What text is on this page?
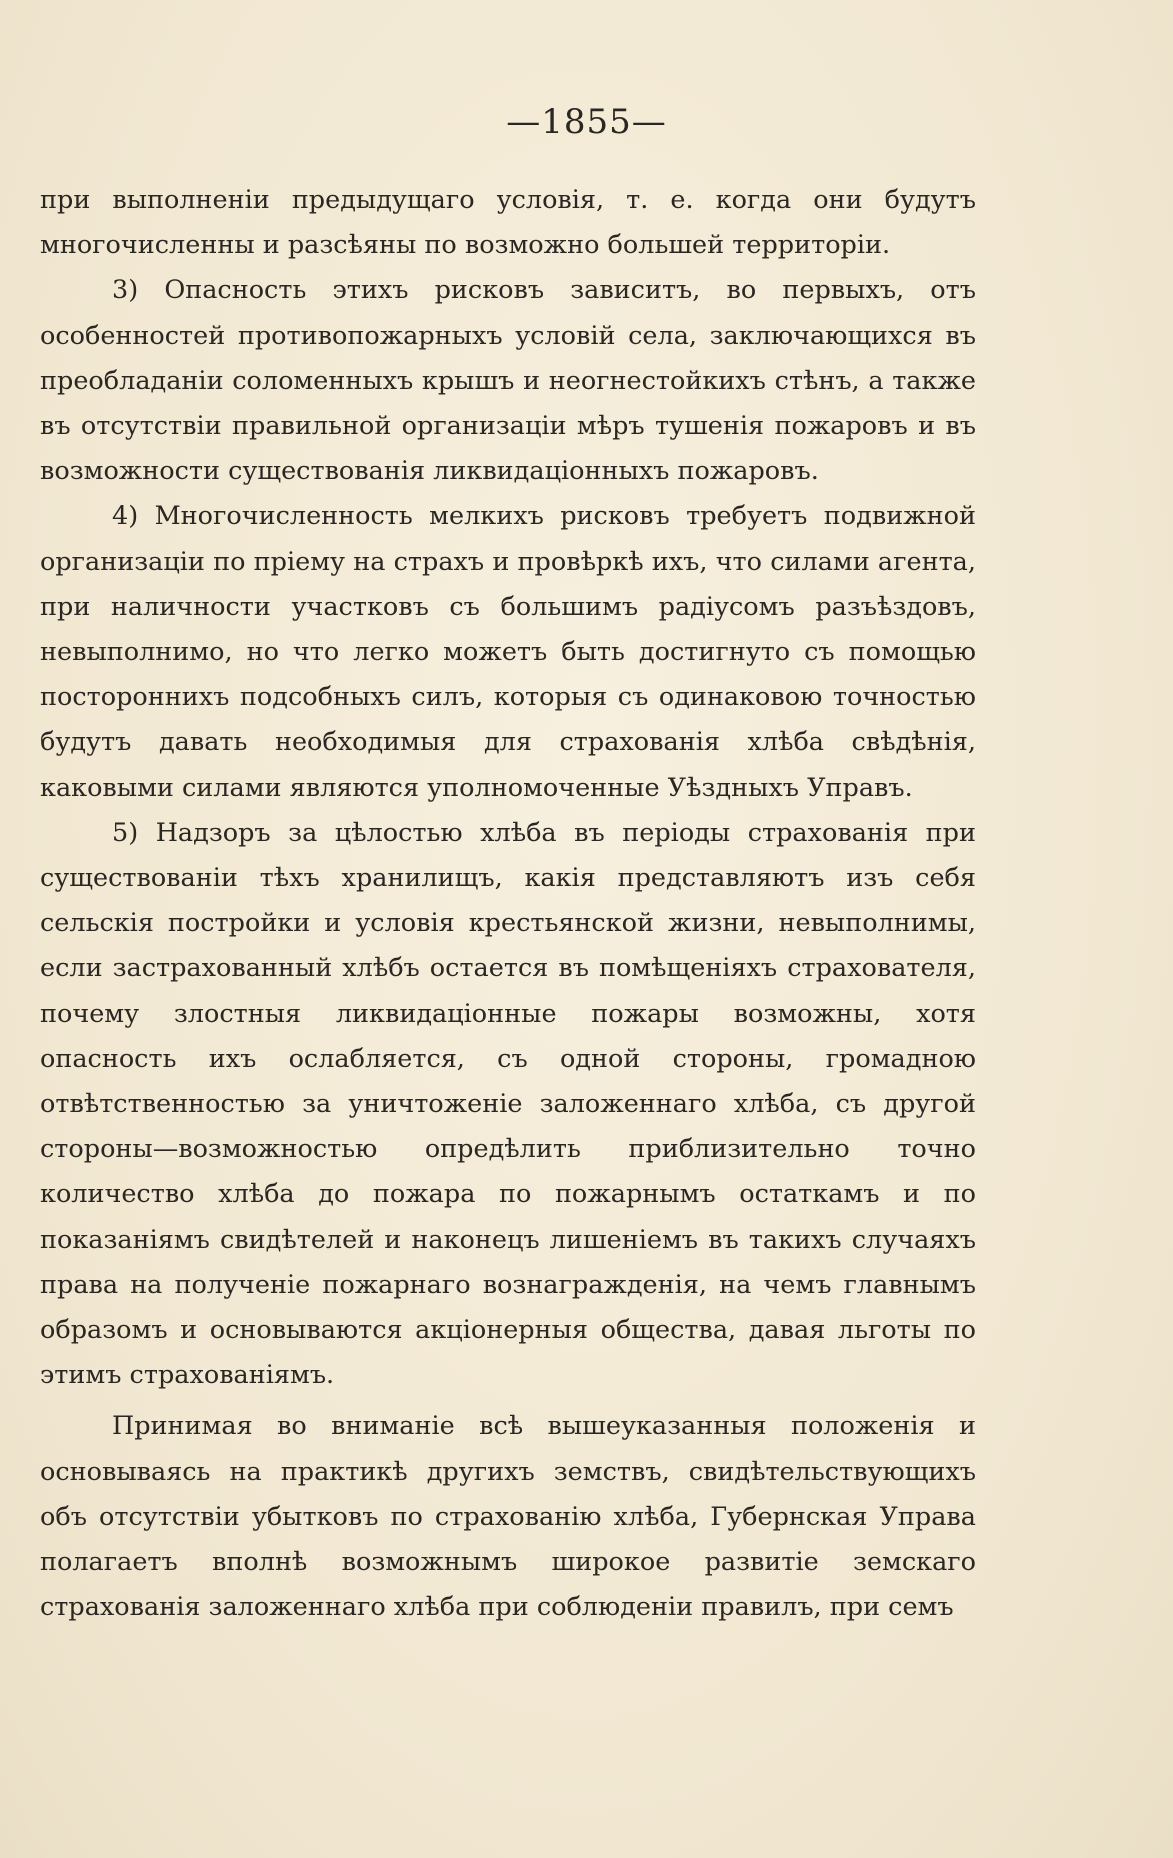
—1855—

при выполненіи предыдущаго условія, т. е. когда они будутъ многочисленны и разсѣяны по возможно большей территоріи.

3) Опасность этихъ рисковъ зависитъ, во первыхъ, отъ особенностей противопожарныхъ условій села, заключающихся въ преобладаніи соломенныхъ крышъ и неогнестойкихъ стѣнъ, а также въ отсутствіи правильной организаціи мѣръ тушенія пожаровъ и въ возможности существованія ликвидаціонныхъ пожаровъ.

4) Многочисленность мелкихъ рисковъ требуетъ подвижной организаціи по пріему на страхъ и провѣркѣ ихъ, что силами агента, при наличности участковъ съ большимъ радіусомъ разъѣздовъ, невыполнимо, но что легко можетъ быть достигнуто съ помощью постороннихъ подсобныхъ силъ, которыя съ одинаковою точностью будутъ давать необходимыя для страхованія хлѣба свѣдѣнія, каковыми силами являются уполномоченные Уѣздныхъ Управъ.

5) Надзоръ за цѣлостью хлѣба въ періоды страхованія при существованіи тѣхъ хранилищъ, какія представляютъ изъ себя сельскія постройки и условія крестьянской жизни, невыполнимы, если застрахованный хлѣбъ остается въ помѣщеніяхъ страхователя, почему злостныя ликвидаціонные пожары возможны, хотя опасность ихъ ослабляется, съ одной стороны, громадною отвѣтственностью за уничтоженіе заложеннаго хлѣба, съ другой стороны—возможностью опредѣлить приблизительно точно количество хлѣба до пожара по пожарнымъ остаткамъ и по показаніямъ свидѣтелей и наконецъ лишеніемъ въ такихъ случаяхъ права на полученіе пожарнаго вознагражденія, на чемъ главнымъ образомъ и основываются акціонерныя общества, давая льготы по этимъ страхованіямъ.

Принимая во вниманіе всѣ вышеуказанныя положенія и основываясь на практикѣ другихъ земствъ, свидѣтельствующихъ объ отсутствіи убытковъ по страхованію хлѣба, Губернская Управа полагаетъ вполнѣ возможнымъ широкое развитіе земскаго страхованія заложеннаго хлѣба при соблюденіи правилъ, при семъ
